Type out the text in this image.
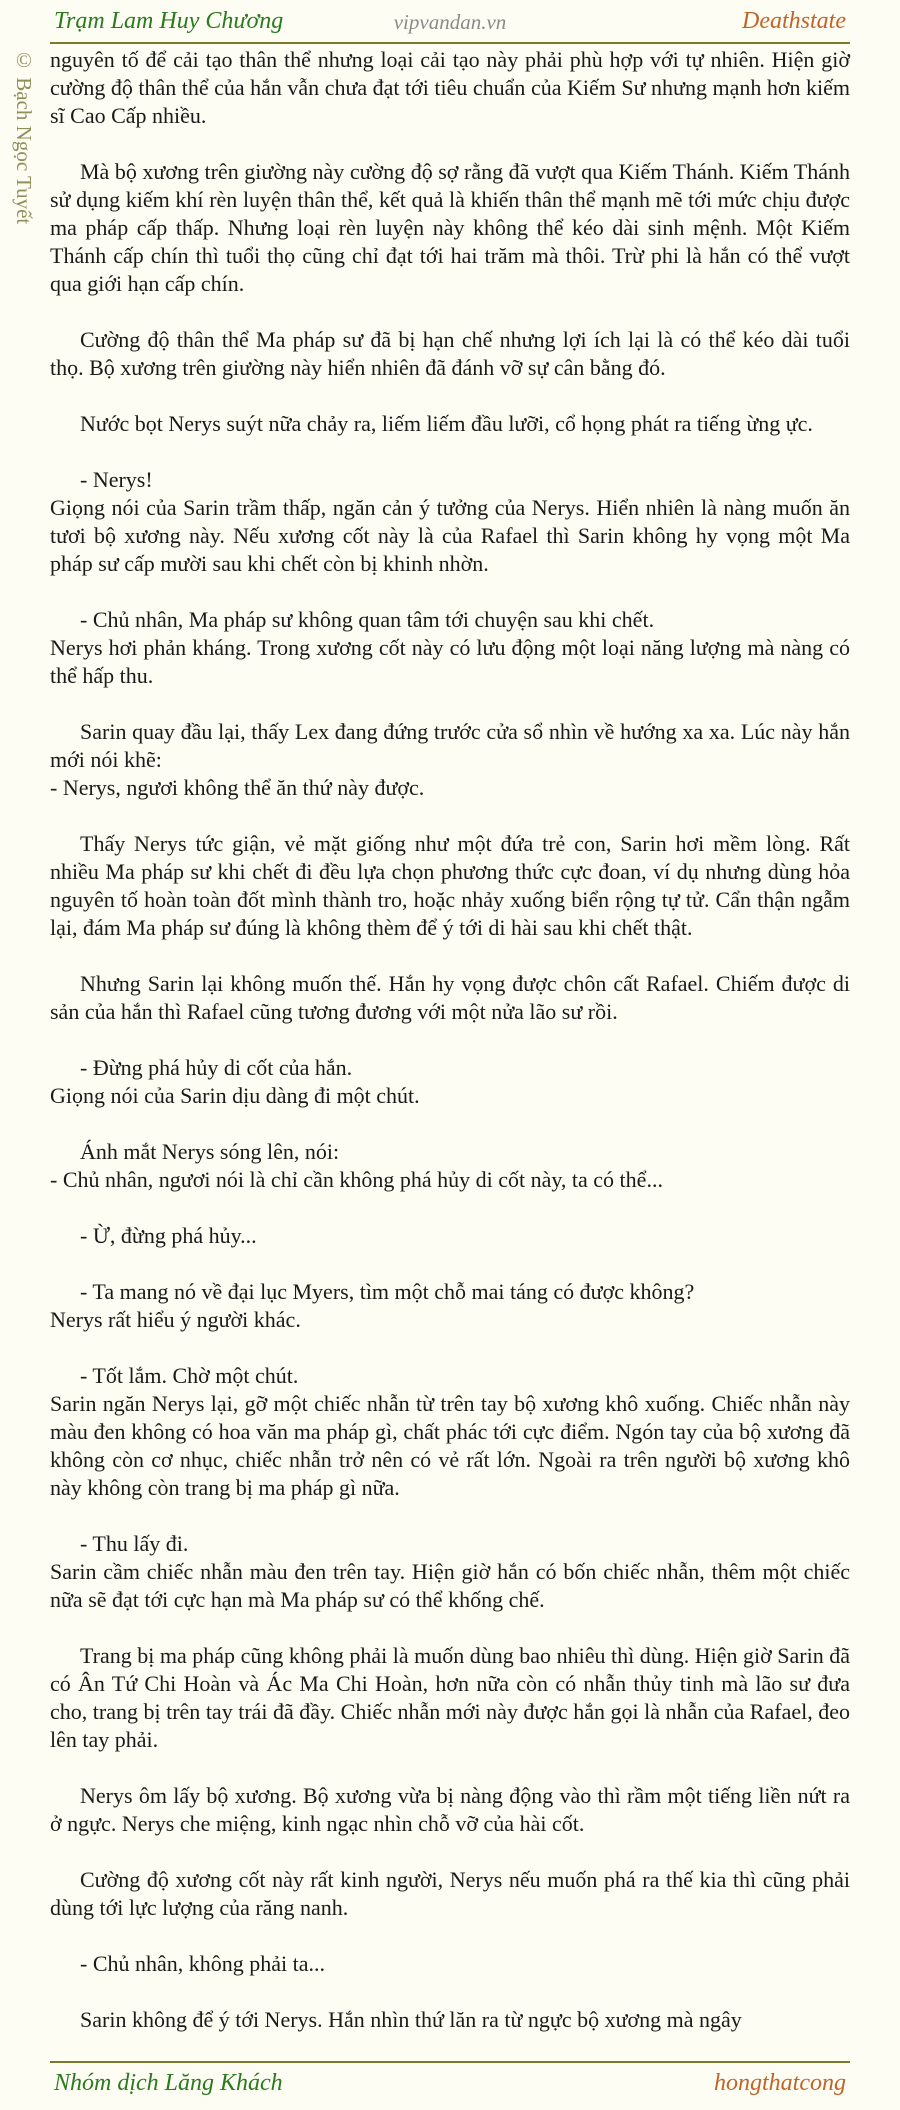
Trạm Lam Huy Chương	vipvandan.vn	Deathstate
© Bạch Ngọc Tuyết nguyên tố để cải tạo thân thể nhưng loại cải tạo này phải phù hợp với tự nhiên. Hiện giờ cường độ thân thể của hắn vẫn chưa đạt tới tiêu chuẩn của Kiếm Sư nhưng mạnh hơn kiếm sĩ Cao Cấp nhiều.

Mà bộ xương trên giường này cường độ sợ rằng đã vượt qua Kiếm Thánh. Kiếm Thánh sử dụng kiếm khí rèn luyện thân thể, kết quả là khiến thân thể mạnh mẽ tới mức chịu được ma pháp cấp thấp. Nhưng loại rèn luyện này không thể kéo dài sinh mệnh. Một Kiếm Thánh cấp chín thì tuổi thọ cũng chỉ đạt tới hai trăm mà thôi. Trừ phi là hắn có thể vượt qua giới hạn cấp chín.

Cường độ thân thể Ma pháp sư đã bị hạn chế nhưng lợi ích lại là có thể kéo dài tuổi thọ. Bộ xương trên giường này hiển nhiên đã đánh vỡ sự cân bằng đó.

Nước bọt Nerys suýt nữa chảy ra, liếm liếm đầu lưỡi, cổ họng phát ra tiếng ừng ực.

- Nerys!
Giọng nói của Sarin trầm thấp, ngăn cản ý tưởng của Nerys. Hiển nhiên là nàng muốn ăn tươi bộ xương này. Nếu xương cốt này là của Rafael thì Sarin không hy vọng một Ma pháp sư cấp mười sau khi chết còn bị khinh nhờn.

- Chủ nhân, Ma pháp sư không quan tâm tới chuyện sau khi chết.
Nerys hơi phản kháng. Trong xương cốt này có lưu động một loại năng lượng mà nàng có thể hấp thu.

Sarin quay đầu lại, thấy Lex đang đứng trước cửa sổ nhìn về hướng xa xa. Lúc này hắn mới nói khẽ:
- Nerys, ngươi không thể ăn thứ này được.

Thấy Nerys tức giận, vẻ mặt giống như một đứa trẻ con, Sarin hơi mềm lòng. Rất nhiều Ma pháp sư khi chết đi đều lựa chọn phương thức cực đoan, ví dụ nhưng dùng hỏa nguyên tố hoàn toàn đốt mình thành tro, hoặc nhảy xuống biển rộng tự tử. Cẩn thận ngẫm lại, đám Ma pháp sư đúng là không thèm để ý tới di hài sau khi chết thật.

Nhưng Sarin lại không muốn thế. Hắn hy vọng được chôn cất Rafael. Chiếm được di sản của hắn thì Rafael cũng tương đương với một nửa lão sư rồi.

- Đừng phá hủy di cốt của hắn.
Giọng nói của Sarin dịu dàng đi một chút.

Ánh mắt Nerys sóng lên, nói:
- Chủ nhân, ngươi nói là chỉ cần không phá hủy di cốt này, ta có thể...

- Ừ, đừng phá hủy...

- Ta mang nó về đại lục Myers, tìm một chỗ mai táng có được không?
Nerys rất hiểu ý người khác.

- Tốt lắm. Chờ một chút.
Sarin ngăn Nerys lại, gỡ một chiếc nhẫn từ trên tay bộ xương khô xuống. Chiếc nhẫn này màu đen không có hoa văn ma pháp gì, chất phác tới cực điểm. Ngón tay của bộ xương đã không còn cơ nhục, chiếc nhẫn trở nên có vẻ rất lớn. Ngoài ra trên người bộ xương khô này không còn trang bị ma pháp gì nữa.

- Thu lấy đi.
Sarin cầm chiếc nhẫn màu đen trên tay. Hiện giờ hắn có bốn chiếc nhẫn, thêm một chiếc nữa sẽ đạt tới cực hạn mà Ma pháp sư có thể khống chế.

Trang bị ma pháp cũng không phải là muốn dùng bao nhiêu thì dùng. Hiện giờ Sarin đã có Ân Tứ Chi Hoàn và Ác Ma Chi Hoàn, hơn nữa còn có nhẫn thủy tinh mà lão sư đưa cho, trang bị trên tay trái đã đầy. Chiếc nhẫn mới này được hắn gọi là nhẫn của Rafael, đeo lên tay phải.

Nerys ôm lấy bộ xương. Bộ xương vừa bị nàng động vào thì rầm một tiếng liền nứt ra ở ngực. Nerys che miệng, kinh ngạc nhìn chỗ vỡ của hài cốt.

Cường độ xương cốt này rất kinh người, Nerys nếu muốn phá ra thế kia thì cũng phải dùng tới lực lượng của răng nanh.

- Chủ nhân, không phải ta...

Sarin không để ý tới Nerys. Hắn nhìn thứ lăn ra từ ngực bộ xương mà ngây

Nhóm dịch Lăng Khách	hongthatcong
